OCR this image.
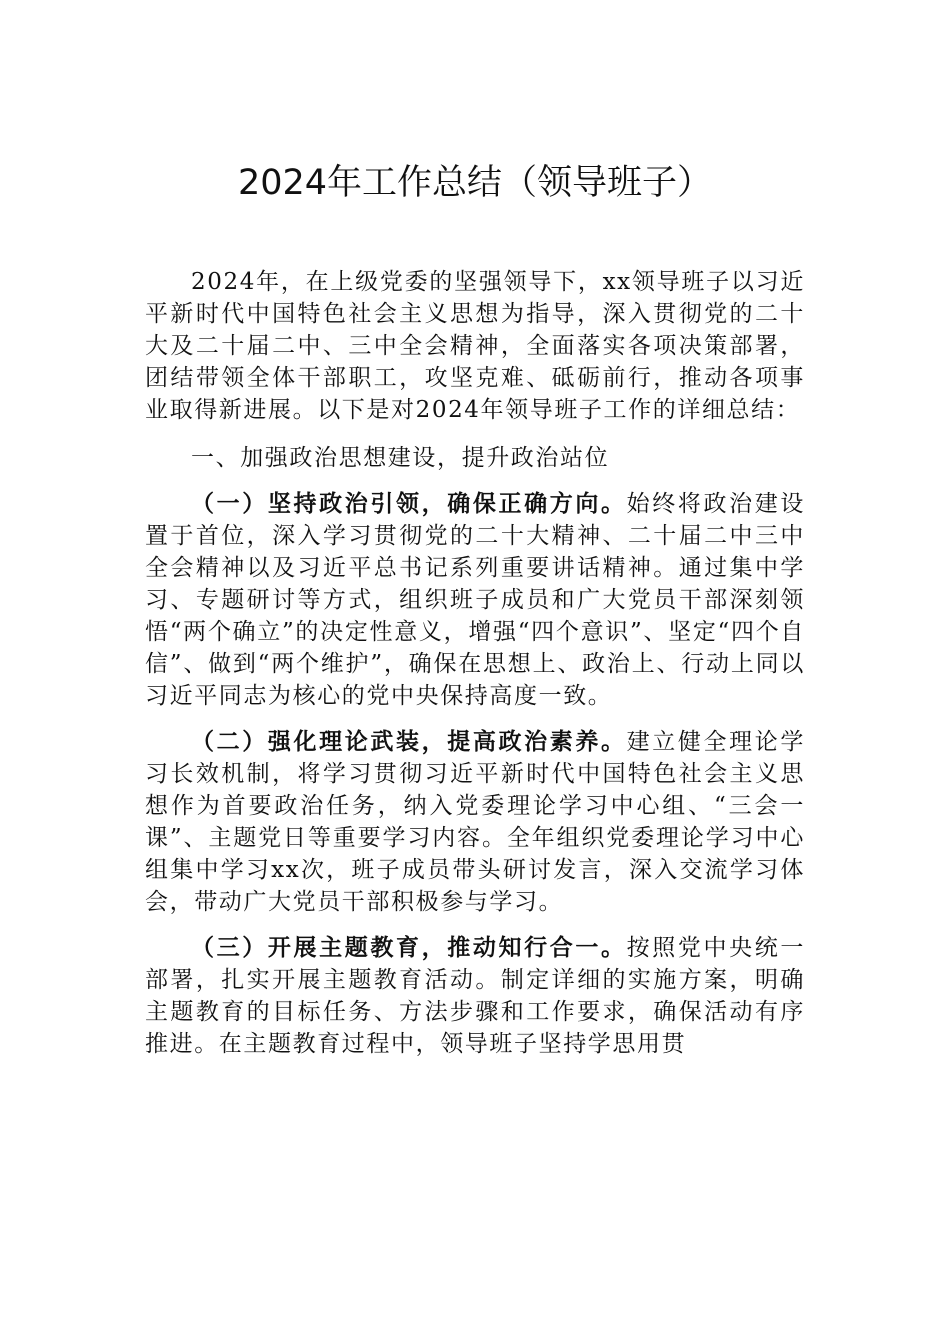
2024年工作总结（领导班子）

2024年，在上级党委的坚强领导下，xx领导班子以习近平新时代中国特色社会主义思想为指导，深入贯彻党的二十大及二十届二中、三中全会精神，全面落实各项决策部署，团结带领全体干部职工，攻坚克难、砥砺前行，推动各项事业取得新进展。以下是对2024年领导班子工作的详细总结：

一、加强政治思想建设，提升政治站位

（一）坚持政治引领，确保正确方向。始终将政治建设置于首位，深入学习贯彻党的二十大精神、二十届二中三中全会精神以及习近平总书记系列重要讲话精神。通过集中学习、专题研讨等方式，组织班子成员和广大党员干部深刻领悟“两个确立”的决定性意义，增强“四个意识”、坚定“四个自信”、做到“两个维护”，确保在思想上、政治上、行动上同以习近平同志为核心的党中央保持高度一致。

（二）强化理论武装，提高政治素养。建立健全理论学习长效机制，将学习贯彻习近平新时代中国特色社会主义思想作为首要政治任务，纳入党委理论学习中心组、“三会一课”、主题党日等重要学习内容。全年组织党委理论学习中心组集中学习xx次，班子成员带头研讨发言，深入交流学习体会，带动广大党员干部积极参与学习。

（三）开展主题教育，推动知行合一。按照党中央统一部署，扎实开展主题教育活动。制定详细的实施方案，明确主题教育的目标任务、方法步骤和工作要求，确保活动有序推进。在主题教育过程中，领导班子坚持学思用贯
